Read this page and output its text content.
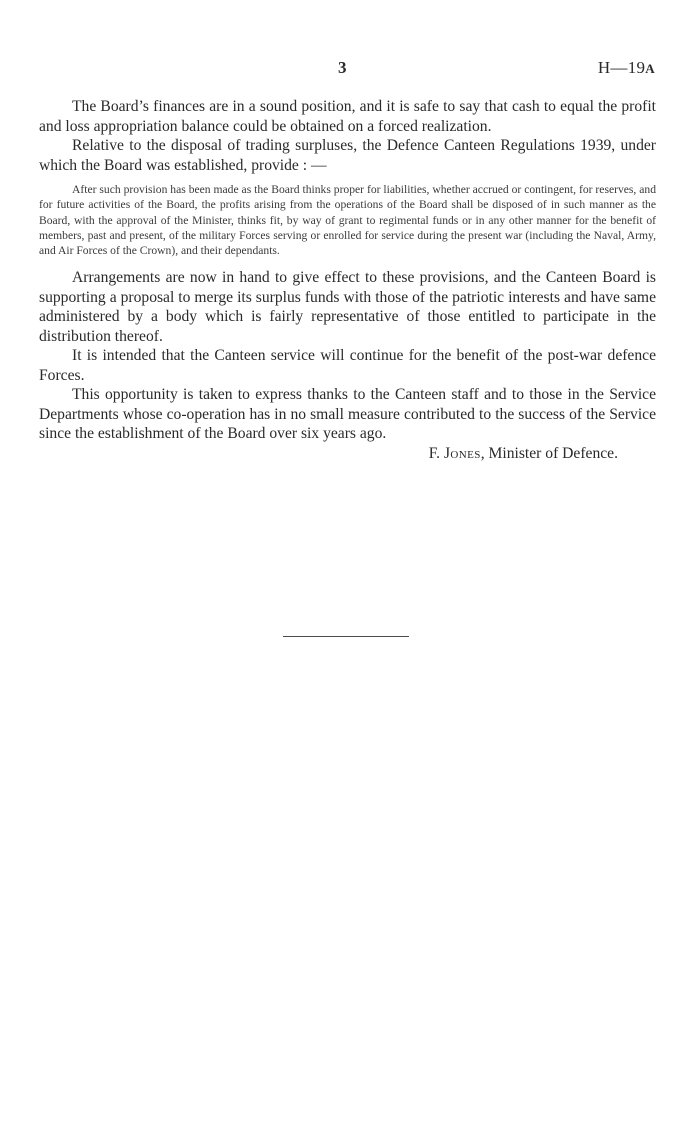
3	H—19A

The Board’s finances are in a sound position, and it is safe to say that cash to equal the profit and loss appropriation balance could be obtained on a forced realization.

Relative to the disposal of trading surpluses, the Defence Canteen Regulations 1939, under which the Board was established, provide : —

After such provision has been made as the Board thinks proper for liabilities, whether accrued or contingent, for reserves, and for future activities of the Board, the profits arising from the operations of the Board shall be disposed of in such manner as the Board, with the approval of the Minister, thinks fit, by way of grant to regimental funds or in any other manner for the benefit of members, past and present, of the military Forces serving or enrolled for service during the present war (including the Naval, Army, and Air Forces of the Crown), and their dependants.

Arrangements are now in hand to give effect to these provisions, and the Canteen Board is supporting a proposal to merge its surplus funds with those of the patriotic interests and have same administered by a body which is fairly representative of those entitled to participate in the distribution thereof.

It is intended that the Canteen service will continue for the benefit of the post-war defence Forces.

This opportunity is taken to express thanks to the Canteen staff and to those in the Service Departments whose co-operation has in no small measure contributed to the success of the Service since the establishment of the Board over six years ago.

F. Jones, Minister of Defence.
